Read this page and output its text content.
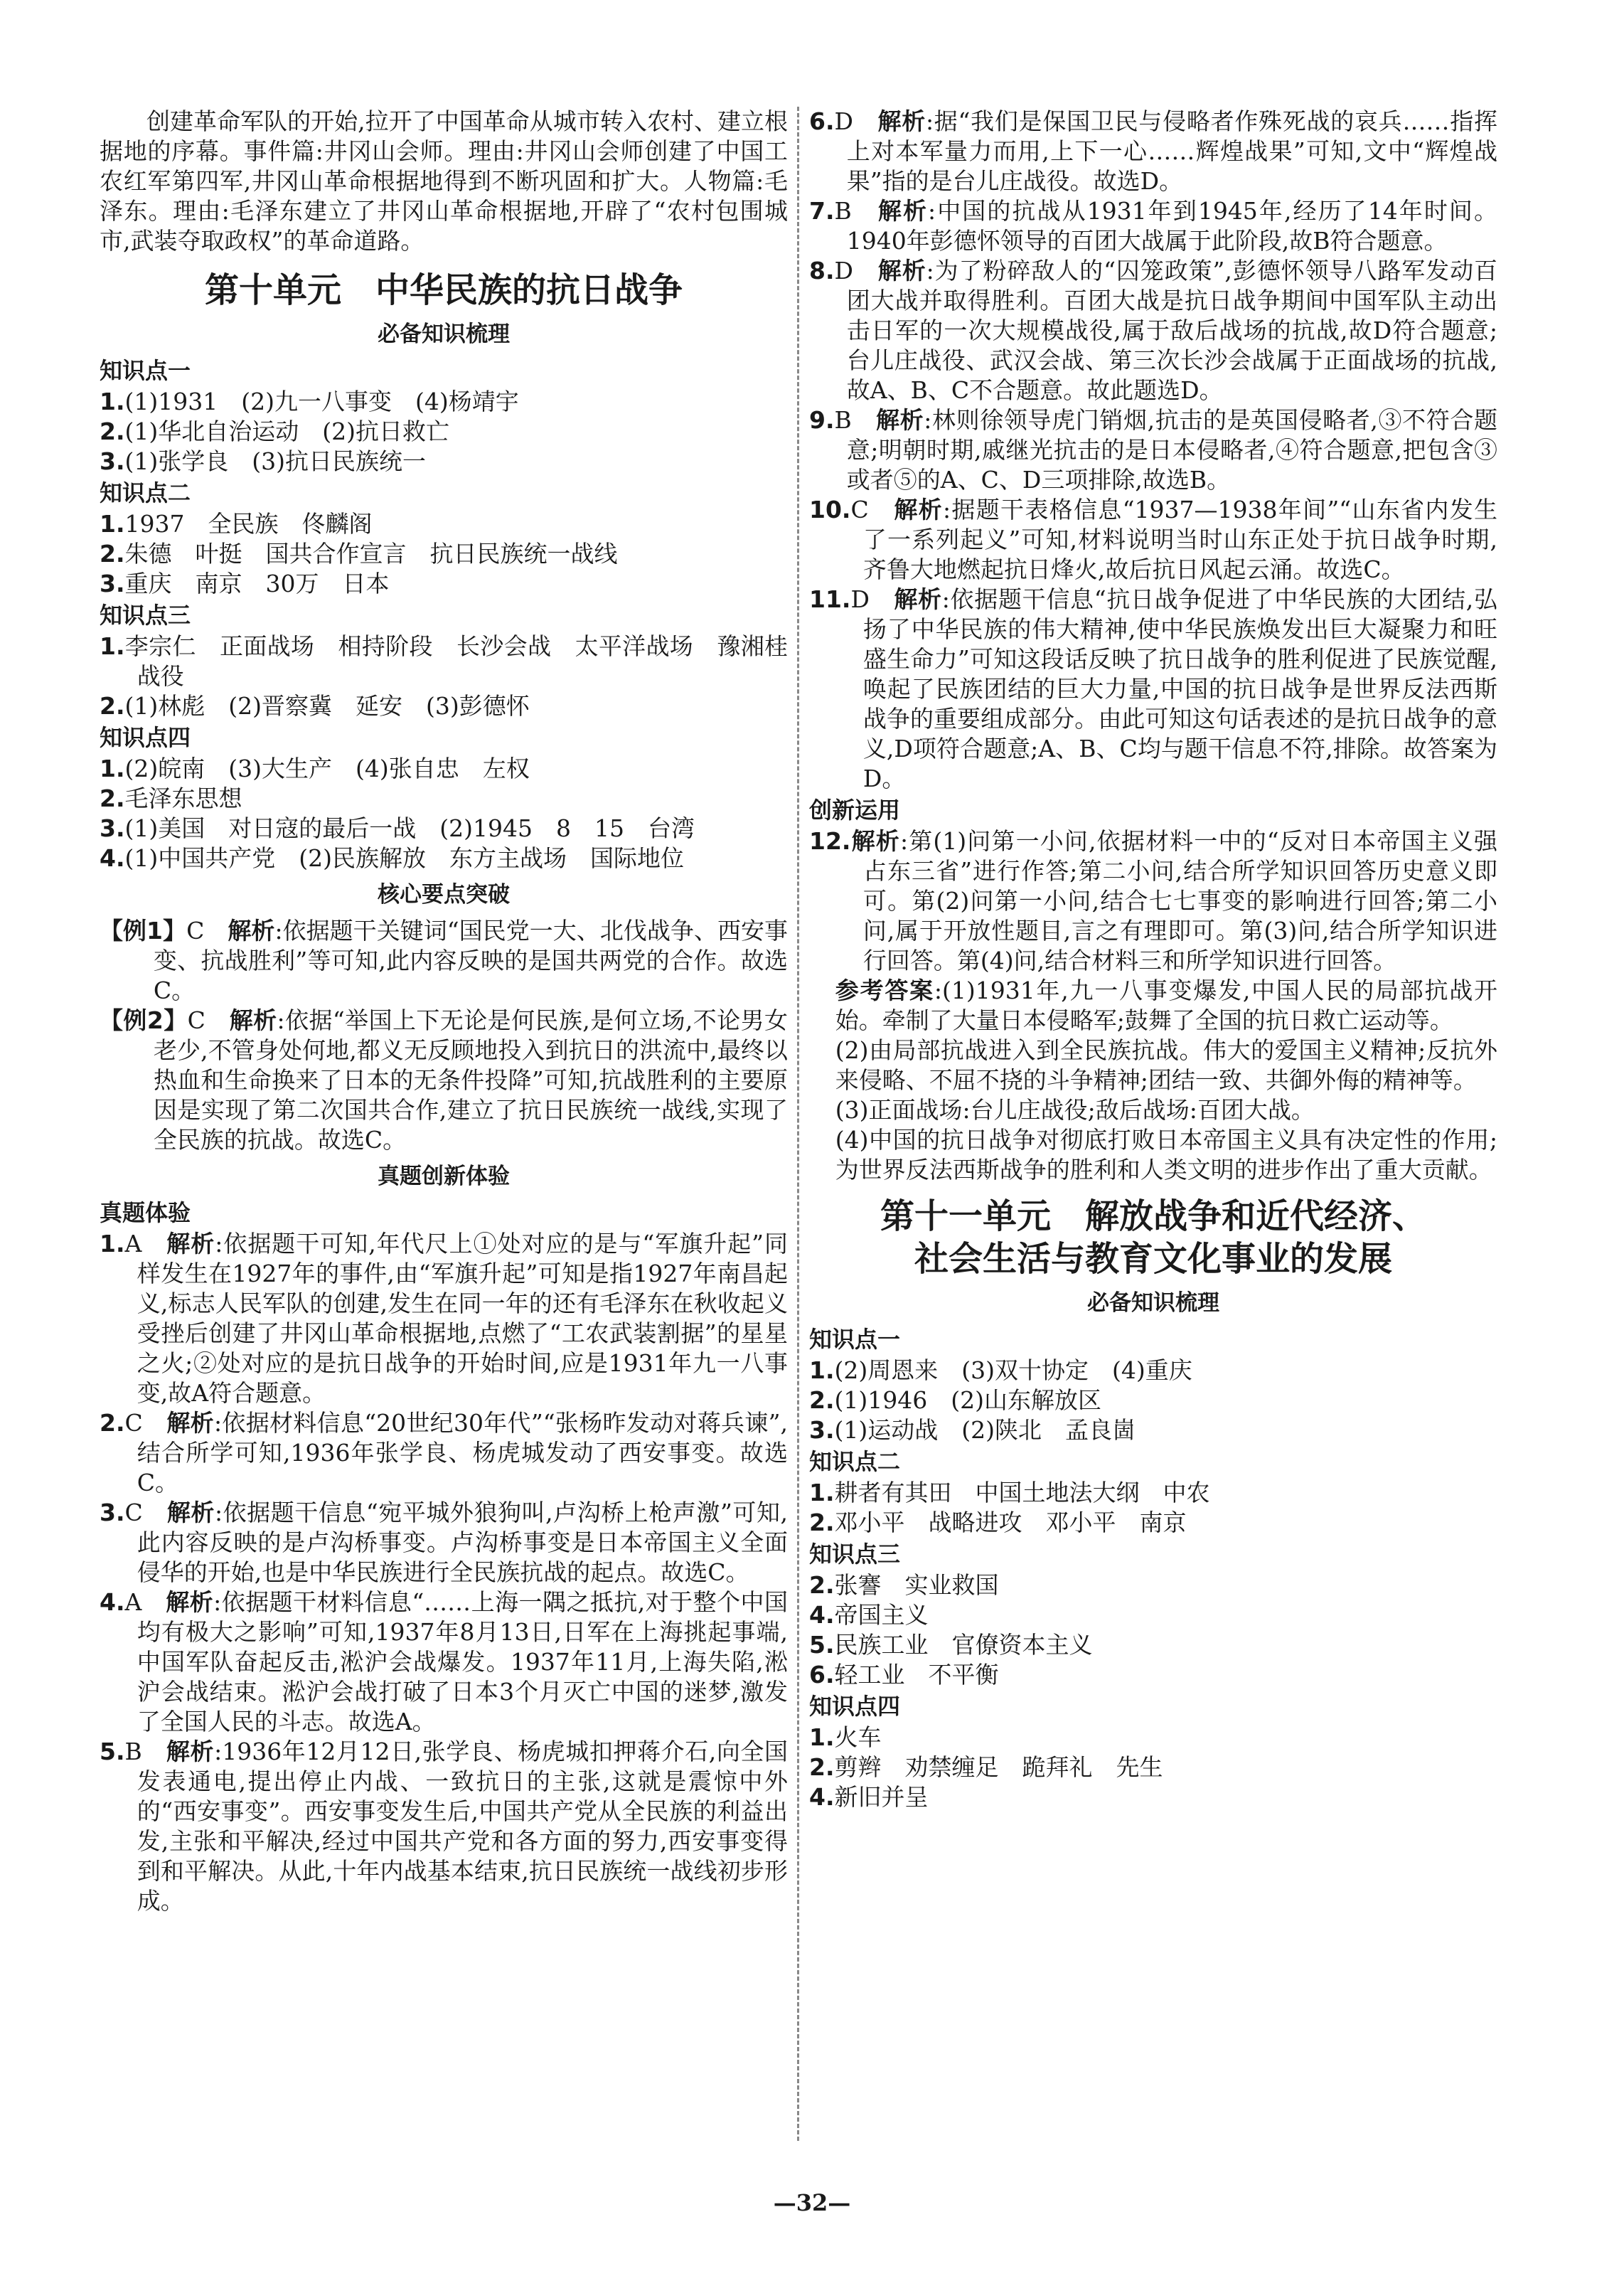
创建革命军队的开始,拉开了中国革命从城市转入农村、建立根据地的序幕。事件篇:井冈山会师。理由:井冈山会师创建了中国工农红军第四军,井冈山革命根据地得到不断巩固和扩大。人物篇:毛泽东。理由:毛泽东建立了井冈山革命根据地,开辟了“农村包围城市,武装夺取政权”的革命道路。

第十单元　中华民族的抗日战争
必备知识梳理
知识点一

1.(1)1931　(2)九一八事变　(4)杨靖宇

2.(1)华北自治运动　(2)抗日救亡

3.(1)张学良　(3)抗日民族统一

知识点二

1.1937　全民族　佟麟阁

2.朱德　叶挺　国共合作宣言　抗日民族统一战线

3.重庆　南京　30万　日本

知识点三

1.李宗仁　正面战场　相持阶段　长沙会战　太平洋战场　豫湘桂战役

2.(1)林彪　(2)晋察冀　延安　(3)彭德怀

知识点四

1.(2)皖南　(3)大生产　(4)张自忠　左权

2.毛泽东思想

3.(1)美国　对日寇的最后一战　(2)1945　8　15　台湾

4.(1)中国共产党　(2)民族解放　东方主战场　国际地位

核心要点突破

【例1】C　解析:依据题干关键词“国民党一大、北伐战争、西安事变、抗战胜利”等可知,此内容反映的是国共两党的合作。故选C。

【例2】C　解析:依据“举国上下无论是何民族,是何立场,不论男女老少,不管身处何地,都义无反顾地投入到抗日的洪流中,最终以热血和生命换来了日本的无条件投降”可知,抗战胜利的主要原因是实现了第二次国共合作,建立了抗日民族统一战线,实现了全民族的抗战。故选C。

真题创新体验
真题体验

1.A　解析:依据题干可知,年代尺上①处对应的是与“军旗升起”同样发生在1927年的事件,由“军旗升起”可知是指1927年南昌起义,标志人民军队的创建,发生在同一年的还有毛泽东在秋收起义受挫后创建了井冈山革命根据地,点燃了“工农武装割据”的星星之火;②处对应的是抗日战争的开始时间,应是1931年九一八事变,故A符合题意。

2.C　解析:依据材料信息“20世纪30年代”“张杨昨发动对蒋兵谏”,结合所学可知,1936年张学良、杨虎城发动了西安事变。故选C。

3.C　解析:依据题干信息“宛平城外狼狗叫,卢沟桥上枪声激”可知,此内容反映的是卢沟桥事变。卢沟桥事变是日本帝国主义全面侵华的开始,也是中华民族进行全民族抗战的起点。故选C。

4.A　解析:依据题干材料信息“……上海一隅之抵抗,对于整个中国均有极大之影响”可知,1937年8月13日,日军在上海挑起事端,中国军队奋起反击,淞沪会战爆发。1937年11月,上海失陷,淞沪会战结束。淞沪会战打破了日本3个月灭亡中国的迷梦,激发了全国人民的斗志。故选A。

5.B　解析:1936年12月12日,张学良、杨虎城扣押蒋介石,向全国发表通电,提出停止内战、一致抗日的主张,这就是震惊中外的“西安事变”。西安事变发生后,中国共产党从全民族的利益出发,主张和平解决,经过中国共产党和各方面的努力,西安事变得到和平解决。从此,十年内战基本结束,抗日民族统一战线初步形成。

6.D　解析:据“我们是保国卫民与侵略者作殊死战的哀兵……指挥上对本军量力而用,上下一心……辉煌战果”可知,文中“辉煌战果”指的是台儿庄战役。故选D。

7.B　解析:中国的抗战从1931年到1945年,经历了14年时间。1940年彭德怀领导的百团大战属于此阶段,故B符合题意。

8.D　解析:为了粉碎敌人的“囚笼政策”,彭德怀领导八路军发动百团大战并取得胜利。百团大战是抗日战争期间中国军队主动出击日军的一次大规模战役,属于敌后战场的抗战,故D符合题意;台儿庄战役、武汉会战、第三次长沙会战属于正面战场的抗战,故A、B、C不合题意。故此题选D。

9.B　解析:林则徐领导虎门销烟,抗击的是英国侵略者,③不符合题意;明朝时期,戚继光抗击的是日本侵略者,④符合题意,把包含③或者⑤的A、C、D三项排除,故选B。

10.C　解析:据题干表格信息“1937—1938年间”“山东省内发生了一系列起义”可知,材料说明当时山东正处于抗日战争时期,齐鲁大地燃起抗日烽火,故后抗日风起云涌。故选C。

11.D　解析:依据题干信息“抗日战争促进了中华民族的大团结,弘扬了中华民族的伟大精神,使中华民族焕发出巨大凝聚力和旺盛生命力”可知这段话反映了抗日战争的胜利促进了民族觉醒,唤起了民族团结的巨大力量,中国的抗日战争是世界反法西斯战争的重要组成部分。由此可知这句话表述的是抗日战争的意义,D项符合题意;A、B、C均与题干信息不符,排除。故答案为D。

创新运用

12.解析:第(1)问第一小问,依据材料一中的“反对日本帝国主义强占东三省”进行作答;第二小问,结合所学知识回答历史意义即可。第(2)问第一小问,结合七七事变的影响进行回答;第二小问,属于开放性题目,言之有理即可。第(3)问,结合所学知识进行回答。第(4)问,结合材料三和所学知识进行回答。

参考答案:(1)1931年,九一八事变爆发,中国人民的局部抗战开始。牵制了大量日本侵略军;鼓舞了全国的抗日救亡运动等。

(2)由局部抗战进入到全民族抗战。伟大的爱国主义精神;反抗外来侵略、不屈不挠的斗争精神;团结一致、共御外侮的精神等。

(3)正面战场:台儿庄战役;敌后战场:百团大战。

(4)中国的抗日战争对彻底打败日本帝国主义具有决定性的作用;为世界反法西斯战争的胜利和人类文明的进步作出了重大贡献。

第十一单元　解放战争和近代经济、
社会生活与教育文化事业的发展
必备知识梳理
知识点一

1.(2)周恩来　(3)双十协定　(4)重庆

2.(1)1946　(2)山东解放区

3.(1)运动战　(2)陕北　孟良崮

知识点二

1.耕者有其田　中国土地法大纲　中农

2.邓小平　战略进攻　邓小平　南京

知识点三

2.张謇　实业救国

4.帝国主义

5.民族工业　官僚资本主义

6.轻工业　不平衡

知识点四

1.火车

2.剪辫　劝禁缠足　跪拜礼　先生

4.新旧并呈

—32—
